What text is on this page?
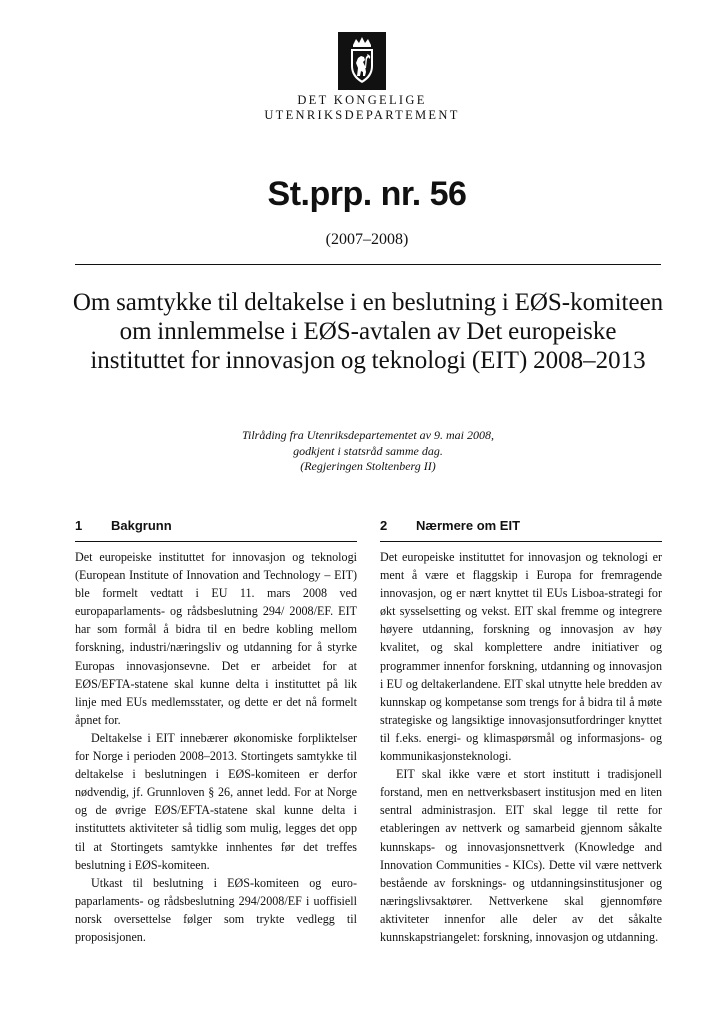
DET KONGELIGE
UTENRIKSDEPARTEMENT
St.prp. nr. 56
(2007–2008)
Om samtykke til deltakelse i en beslutning i EØS-komiteen om innlemmelse i EØS-avtalen av Det europeiske instituttet for innovasjon og teknologi (EIT) 2008–2013
Tilråding fra Utenriksdepartementet av 9. mai 2008,
godkjent i statsråd samme dag.
(Regjeringen Stoltenberg II)
1	Bakgrunn

Det europeiske instituttet for innovasjon og teknologi (European Institute of Innovation and Technology – EIT) ble formelt vedtatt i EU 11. mars 2008 ved europaparlaments- og rådsbeslutning 294/ 2008/EF. EIT har som formål å bidra til en bedre kobling mellom forskning, industri/næringsliv og utdanning for å styrke Europas innovasjonsevne. Det er arbeidet for at EØS/EFTA-statene skal kunne delta i instituttet på lik linje med EUs medlemsstater, og dette er det nå formelt åpnet for.

Deltakelse i EIT innebærer økonomiske forpliktelser for Norge i perioden 2008–2013. Stortingets samtykke til deltakelse i beslutningen i EØS-komiteen er derfor nødvendig, jf. Grunnloven § 26, annet ledd. For at Norge og de øvrige EØS/EFTA-statene skal kunne delta i instituttets aktiviteter så tidlig som mulig, legges det opp til at Stortingets samtykke innhentes før det treffes beslutning i EØS-komiteen.

Utkast til beslutning i EØS-komiteen og europaparlaments- og rådsbeslutning 294/2008/EF i uoffisiell norsk oversettelse følger som trykte vedlegg til proposisjonen.

2	Nærmere om EIT

Det europeiske instituttet for innovasjon og teknologi er ment å være et flaggskip i Europa for fremragende innovasjon, og er nært knyttet til EUs Lisboa-strategi for økt sysselsetting og vekst. EIT skal fremme og integrere høyere utdanning, forskning og innovasjon av høy kvalitet, og skal komplettere andre initiativer og programmer innenfor forskning, utdanning og innovasjon i EU og deltakerlandene. EIT skal utnytte hele bredden av kunnskap og kompetanse som trengs for å bidra til å møte strategiske og langsiktige innovasjonsutfordringer knyttet til f.eks. energi- og klimaspørsmål og informasjons- og kommunikasjonsteknologi.

EIT skal ikke være et stort institutt i tradisjonell forstand, men en nettverksbasert institusjon med en liten sentral administrasjon. EIT skal legge til rette for etableringen av nettverk og samarbeid gjennom såkalte kunnskaps- og innovasjonsnettverk (Knowledge and Innovation Communities - KICs). Dette vil være nettverk bestående av forsknings- og utdanningsinstitusjoner og næringslivsaktører. Nettverkene skal gjennomføre aktiviteter innenfor alle deler av det såkalte kunnskapstriangelet: forskning, innovasjon og utdanning.
